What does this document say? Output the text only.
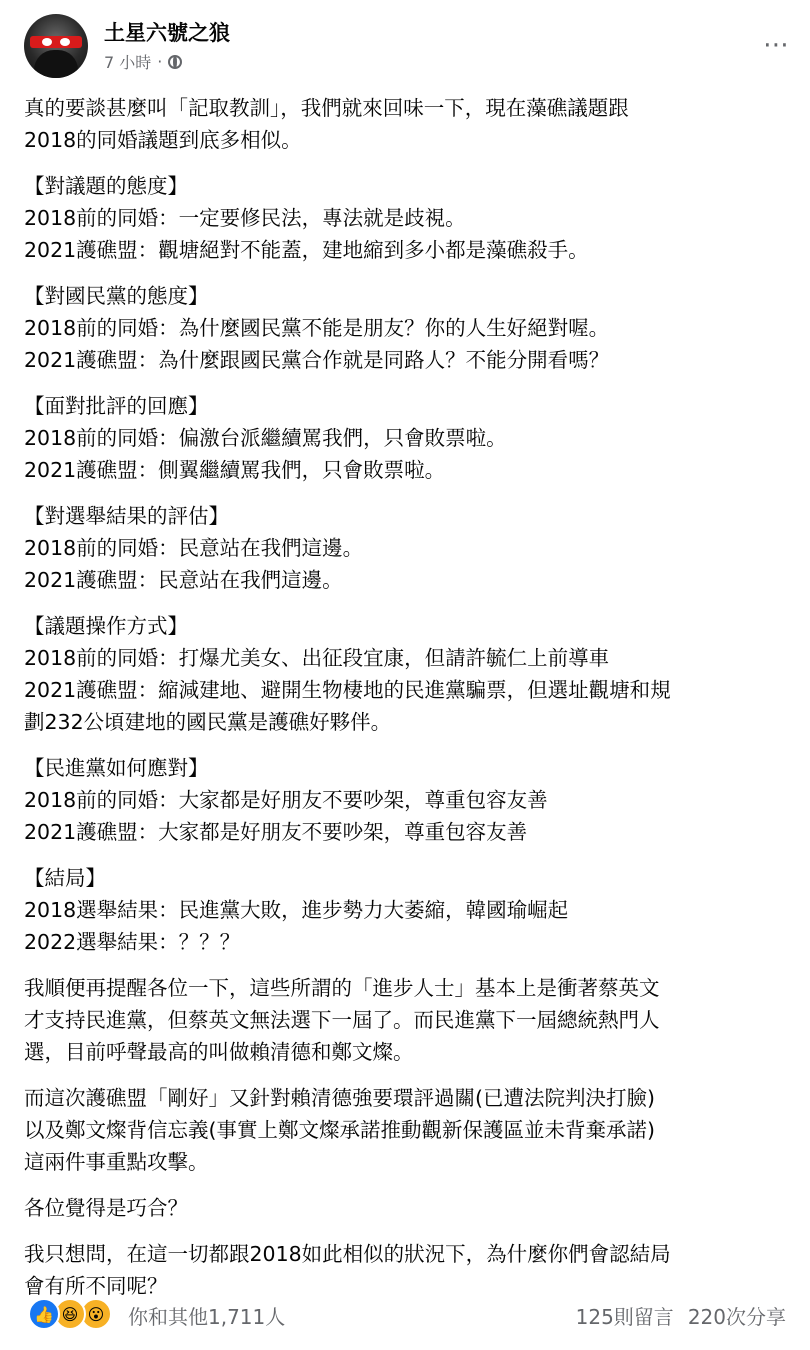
土星六號之狼
7 小時 ·
⋯

真的要談甚麼叫「記取教訓」，我們就來回味一下，現在藻礁議題跟
2018的同婚議題到底多相似。

【對議題的態度】
2018前的同婚：一定要修民法，專法就是歧視。
2021護礁盟：觀塘絕對不能蓋，建地縮到多小都是藻礁殺手。

【對國民黨的態度】
2018前的同婚：為什麼國民黨不能是朋友？你的人生好絕對喔。
2021護礁盟：為什麼跟國民黨合作就是同路人？不能分開看嗎？

【面對批評的回應】
2018前的同婚：偏激台派繼續罵我們，只會敗票啦。
2021護礁盟：側翼繼續罵我們，只會敗票啦。

【對選舉結果的評估】
2018前的同婚：民意站在我們這邊。
2021護礁盟：民意站在我們這邊。

【議題操作方式】
2018前的同婚：打爆尤美女、出征段宜康，但請許毓仁上前導車
2021護礁盟：縮減建地、避開生物棲地的民進黨騙票，但選址觀塘和規
劃232公頃建地的國民黨是護礁好夥伴。

【民進黨如何應對】
2018前的同婚：大家都是好朋友不要吵架，尊重包容友善
2021護礁盟：大家都是好朋友不要吵架，尊重包容友善

【結局】
2018選舉結果：民進黨大敗，進步勢力大萎縮，韓國瑜崛起
2022選舉結果：？？？

我順便再提醒各位一下，這些所謂的「進步人士」基本上是衝著蔡英文
才支持民進黨，但蔡英文無法選下一屆了。而民進黨下一屆總統熱門人
選，目前呼聲最高的叫做賴清德和鄭文燦。

而這次護礁盟「剛好」又針對賴清德強要環評過關(已遭法院判決打臉)
以及鄭文燦背信忘義(事實上鄭文燦承諾推動觀新保護區並未背棄承諾)
這兩件事重點攻擊。

各位覺得是巧合？

我只想問，在這一切都跟2018如此相似的狀況下，為什麼你們會認結局
會有所不同呢？

👍 😆 😮	你和其他1,711人	125則留言 220次分享
